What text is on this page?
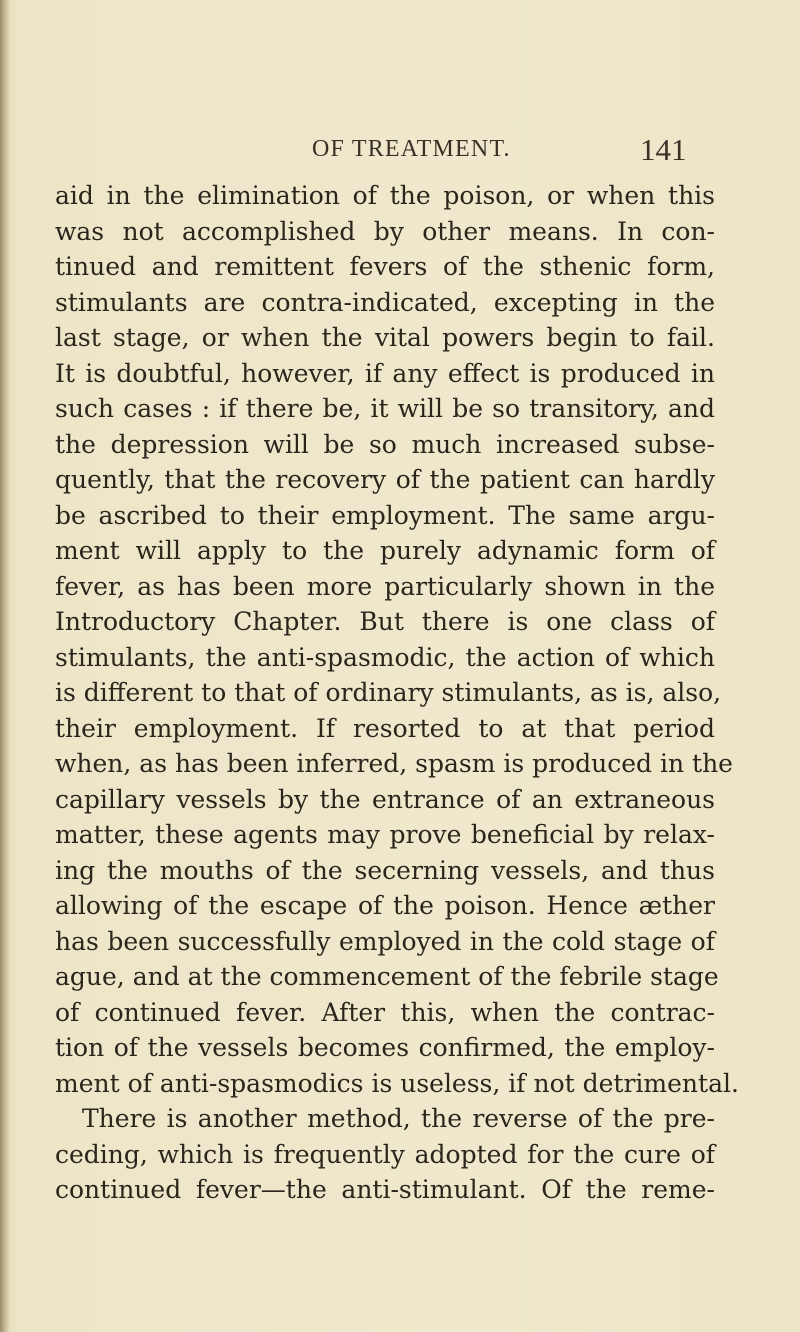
OF TREATMENT.	141
aid in the elimination of the poison, or when this
was not accomplished by other means. In con-
tinued and remittent fevers of the sthenic form,
stimulants are contra-indicated, excepting in the
last stage, or when the vital powers begin to fail.
It is doubtful, however, if any effect is produced in
such cases : if there be, it will be so transitory, and
the depression will be so much increased subse-
quently, that the recovery of the patient can hardly
be ascribed to their employment. The same argu-
ment will apply to the purely adynamic form of
fever, as has been more particularly shown in the
Introductory Chapter. But there is one class of
stimulants, the anti-spasmodic, the action of which
is different to that of ordinary stimulants, as is, also,
their employment. If resorted to at that period
when, as has been inferred, spasm is produced in the
capillary vessels by the entrance of an extraneous
matter, these agents may prove beneficial by relax-
ing the mouths of the secerning vessels, and thus
allowing of the escape of the poison. Hence æther
has been successfully employed in the cold stage of
ague, and at the commencement of the febrile stage
of continued fever. After this, when the contrac-
tion of the vessels becomes confirmed, the employ-
ment of anti-spasmodics is useless, if not detrimental.
There is another method, the reverse of the pre-
ceding, which is frequently adopted for the cure of
continued fever—the anti-stimulant. Of the reme-
